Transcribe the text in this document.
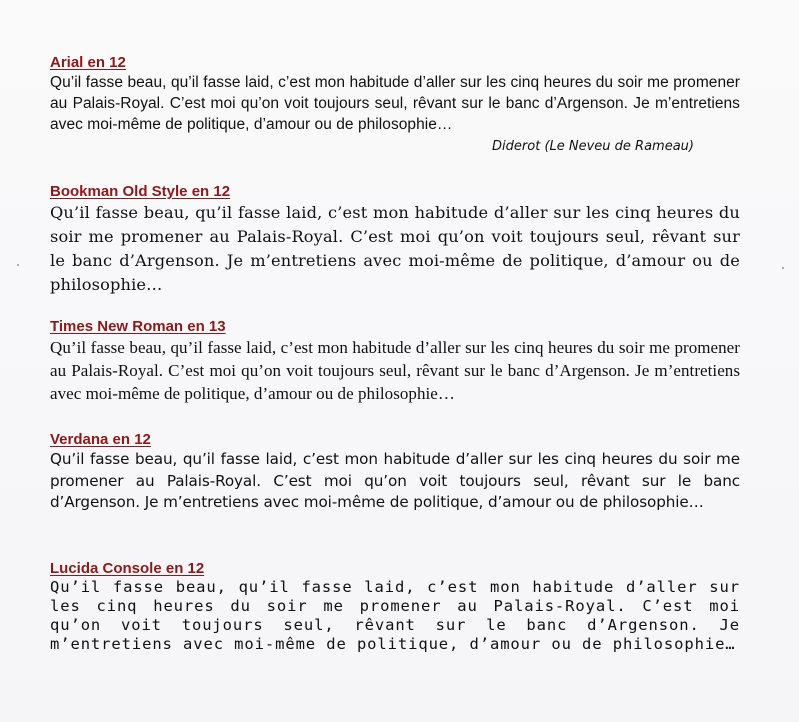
Arial en 12

Qu’il fasse beau, qu’il fasse laid, c’est mon habitude d’aller sur les cinq heures du soir me promener au Palais-Royal. C’est moi qu’on voit toujours seul, rêvant sur le banc d’Argenson. Je m’entretiens avec moi-même de politique, d’amour ou de philosophie…

Diderot (Le Neveu de Rameau)

Bookman Old Style en 12

Qu’il fasse beau, qu’il fasse laid, c’est mon habitude d’aller sur les cinq heures du soir me promener au Palais-Royal. C’est moi qu’on voit toujours seul, rêvant sur le banc d’Argenson. Je m’entretiens avec moi-même de politique, d’amour ou de philosophie…

Times New Roman en 13

Qu’il fasse beau, qu’il fasse laid, c’est mon habitude d’aller sur les cinq heures du soir me promener au Palais-Royal. C’est moi qu’on voit toujours seul, rêvant sur le banc d’Argenson. Je m’entretiens avec moi-même de politique, d’amour ou de philosophie…

Verdana en 12

Qu’il fasse beau, qu’il fasse laid, c’est mon habitude d’aller sur les cinq heures du soir me promener au Palais-Royal. C’est moi qu’on voit toujours seul, rêvant sur le banc d’Argenson. Je m’entretiens avec moi-même de politique, d’amour ou de philosophie…

Lucida Console en 12

Qu’il fasse beau, qu’il fasse laid, c’est mon habitude d’aller sur les cinq heures du soir me promener au Palais-Royal. C’est moi qu’on voit toujours seul, rêvant sur le banc d’Argenson. Je m’entretiens avec moi-même de politique, d’amour ou de philosophie…
